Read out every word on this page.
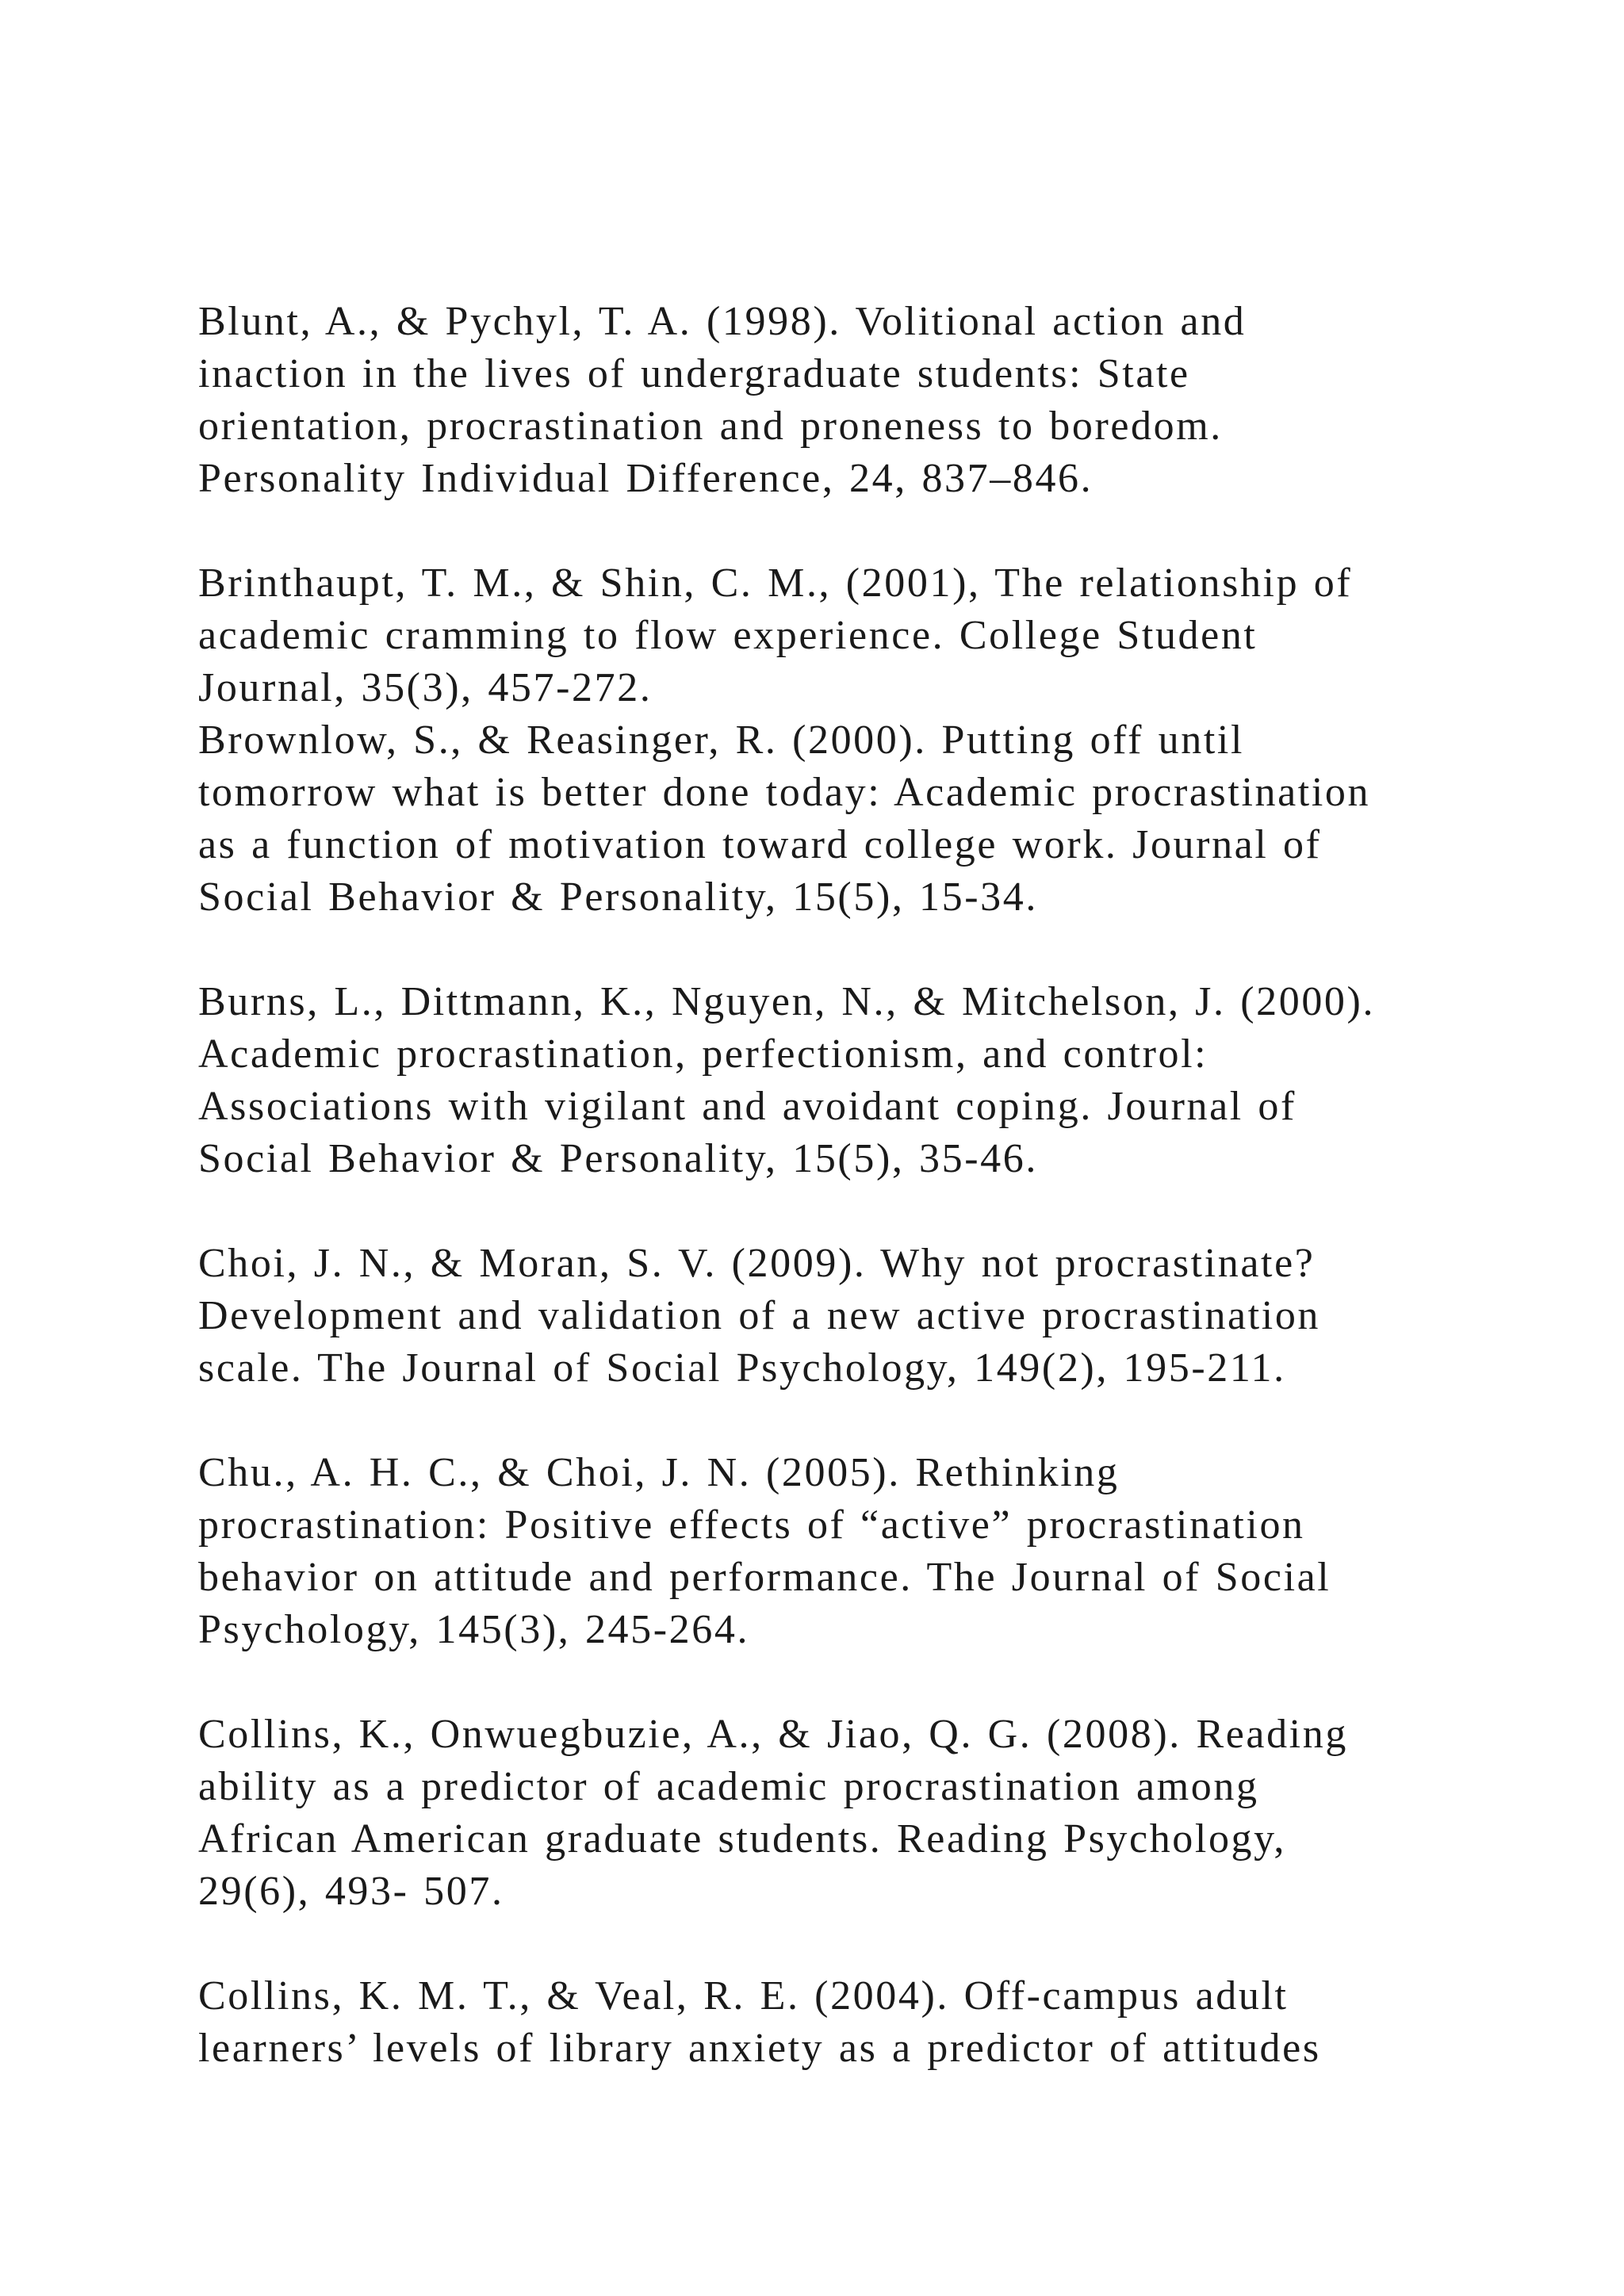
Blunt, A., & Pychyl, T. A. (1998). Volitional action and
inaction in the lives of undergraduate students: State
orientation, procrastination and proneness to boredom.
Personality Individual Difference, 24, 837–846.
Brinthaupt, T. M., & Shin, C. M., (2001), The relationship of
academic cramming to flow experience. College Student
Journal, 35(3), 457-272.
Brownlow, S., & Reasinger, R. (2000). Putting off until
tomorrow what is better done today: Academic procrastination
as a function of motivation toward college work. Journal of
Social Behavior & Personality, 15(5), 15-34.
Burns, L., Dittmann, K., Nguyen, N., & Mitchelson, J. (2000).
Academic procrastination, perfectionism, and control:
Associations with vigilant and avoidant coping. Journal of
Social Behavior & Personality, 15(5), 35-46.
Choi, J. N., & Moran, S. V. (2009). Why not procrastinate?
Development and validation of a new active procrastination
scale. The Journal of Social Psychology, 149(2), 195-211.
Chu., A. H. C., & Choi, J. N. (2005). Rethinking
procrastination: Positive effects of “active” procrastination
behavior on attitude and performance. The Journal of Social
Psychology, 145(3), 245-264.
Collins, K., Onwuegbuzie, A., & Jiao, Q. G. (2008). Reading
ability as a predictor of academic procrastination among
African American graduate students. Reading Psychology,
29(6), 493- 507.
Collins, K. M. T., & Veal, R. E. (2004). Off-campus adult
learners’ levels of library anxiety as a predictor of attitudes
